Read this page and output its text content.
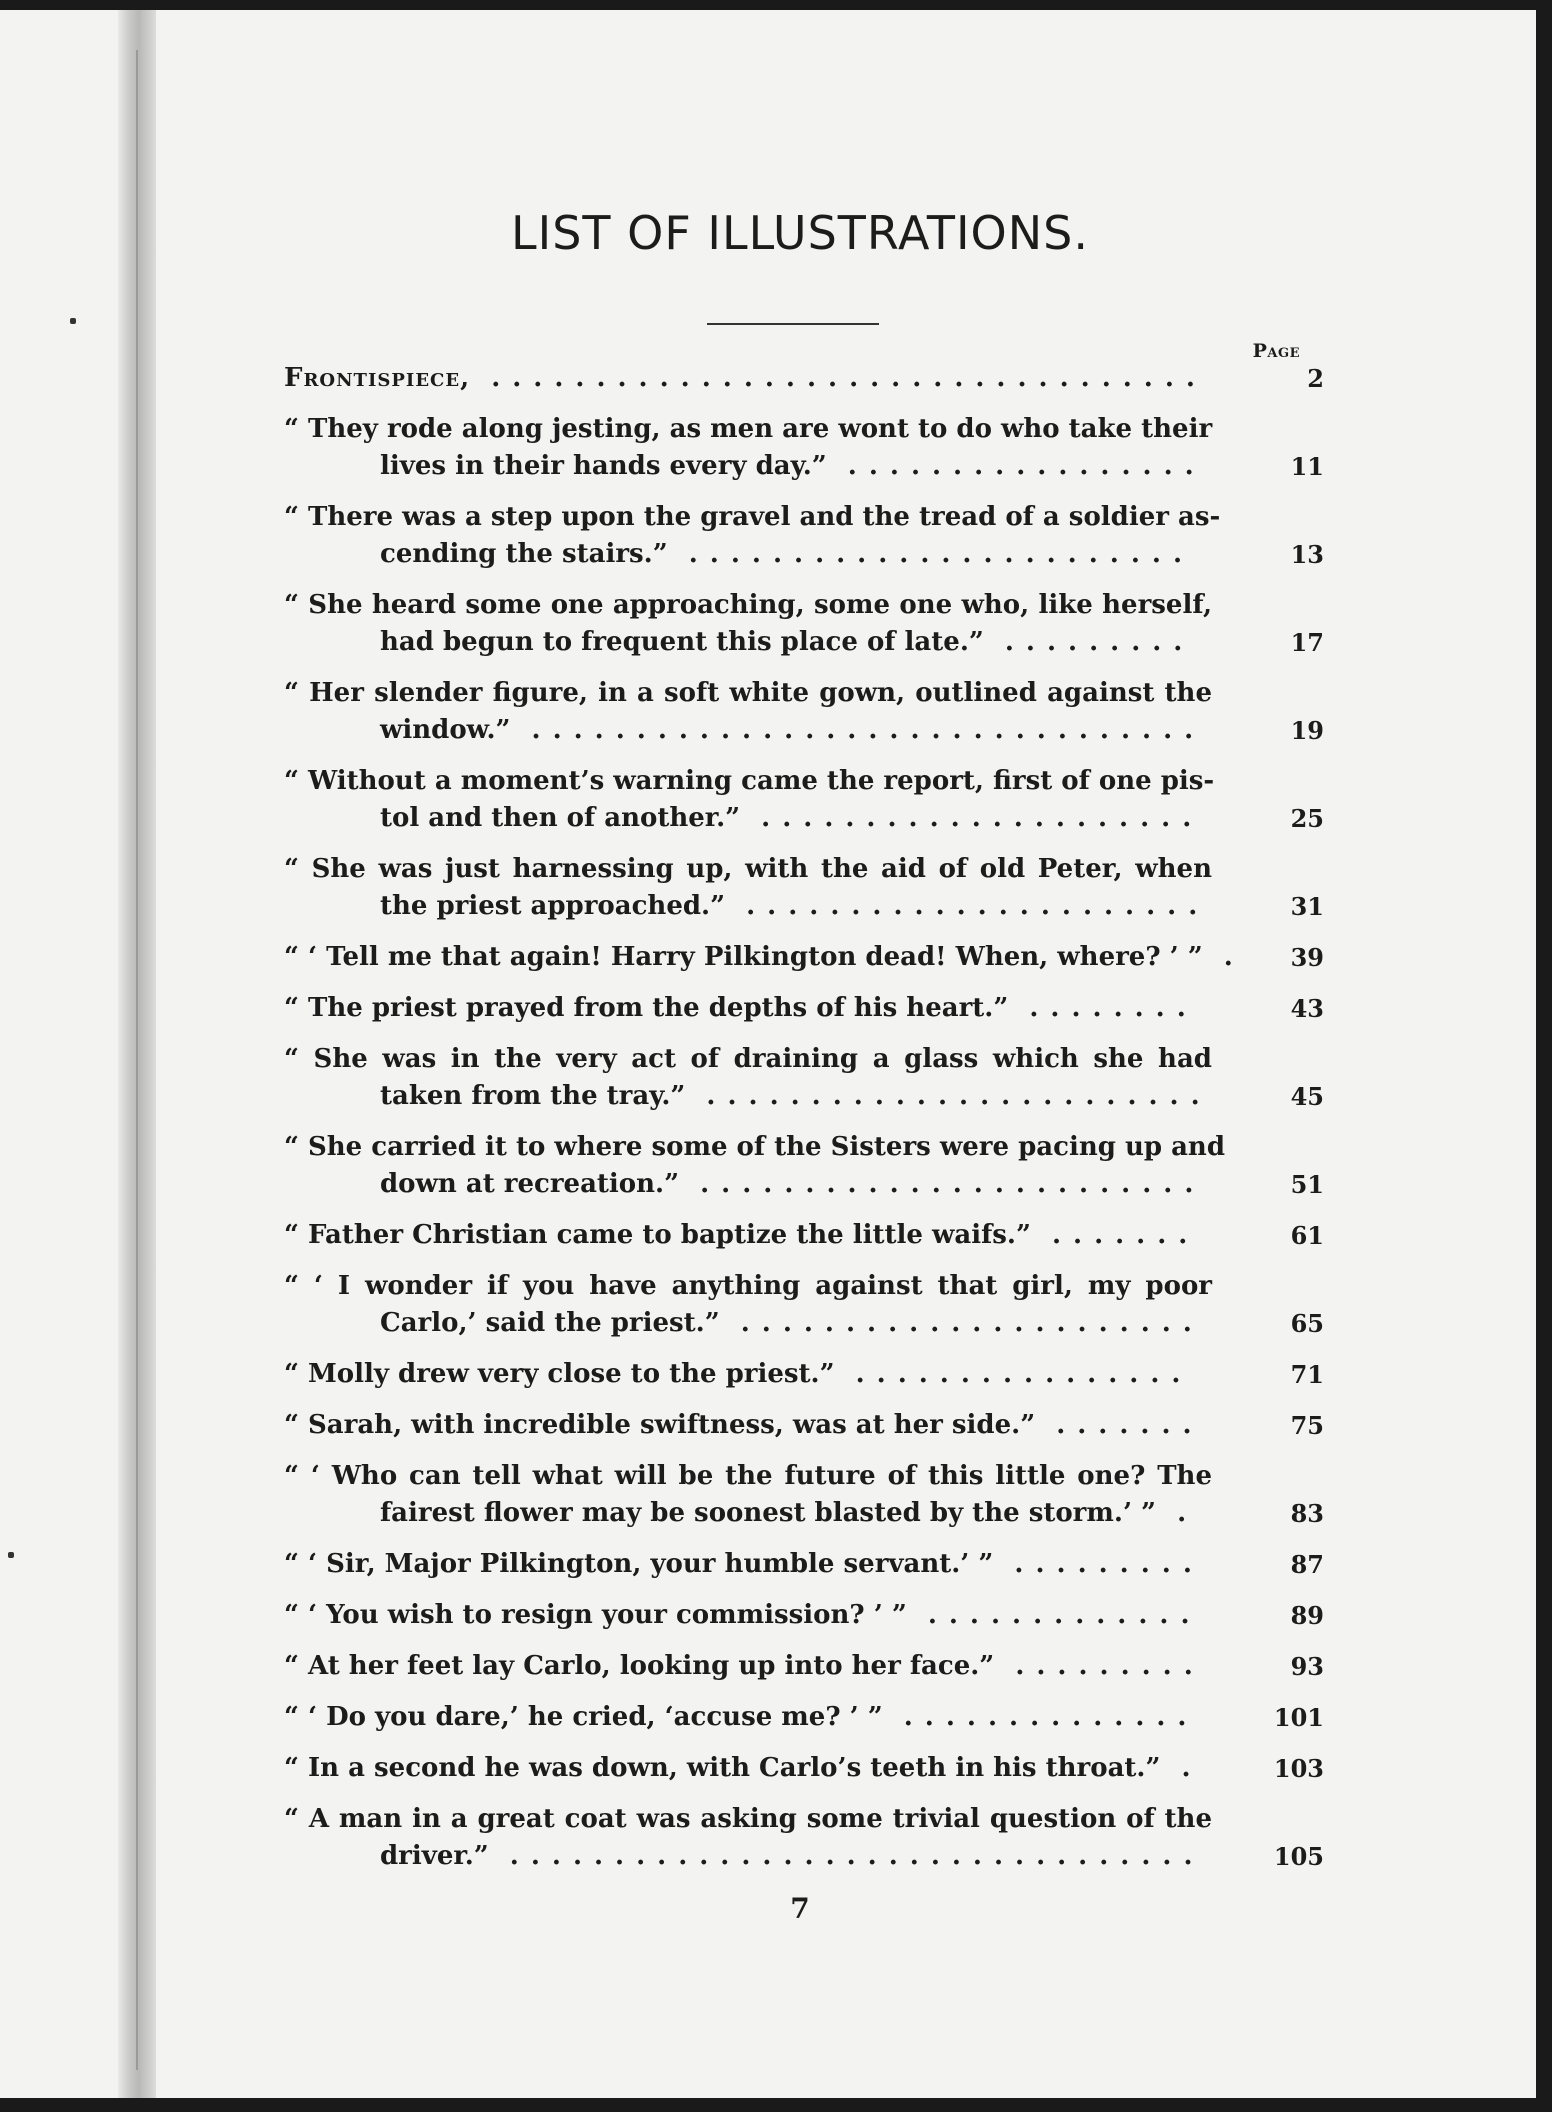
LIST OF ILLUSTRATIONS.
Page
Frontispiece, ..................................	2
“ They rode along jesting, as men are wont to do who take their
lives in their hands every day.” .................	11
“ There was a step upon the gravel and the tread of a soldier as-
cending the stairs.” ........................	13
“ She heard some one approaching, some one who, like herself,
had begun to frequent this place of late.” .........	17
“ Her slender figure, in a soft white gown, outlined against the
window.” ................................	19
“ Without a moment’s warning came the report, first of one pis-
tol and then of another.” .....................	25
“ She was just harnessing up, with the aid of old Peter, when
the priest approached.” ......................	31
“ ‘ Tell me that again! Harry Pilkington dead! When, where? ’ ” .	39
“ The priest prayed from the depths of his heart.” ........	43
“ She was in the very act of draining a glass which she had
taken from the tray.” ........................	45
“ She carried it to where some of the Sisters were pacing up and
down at recreation.” ........................	51
“ Father Christian came to baptize the little waifs.” .......	61
“ ‘ I wonder if you have anything against that girl, my poor
Carlo,’ said the priest.” ......................	65
“ Molly drew very close to the priest.” ................	71
“ Sarah, with incredible swiftness, was at her side.” .......	75
“ ‘ Who can tell what will be the future of this little one? The
fairest flower may be soonest blasted by the storm.’ ” .	83
“ ‘ Sir, Major Pilkington, your humble servant.’ ” .........	87
“ ‘ You wish to resign your commission? ’ ” .............	89
“ At her feet lay Carlo, looking up into her face.” .........	93
“ ‘ Do you dare,’ he cried, ‘accuse me? ’ ” ..............	101
“ In a second he was down, with Carlo’s teeth in his throat.” .	103
“ A man in a great coat was asking some trivial question of the
driver.” .................................	105
7
